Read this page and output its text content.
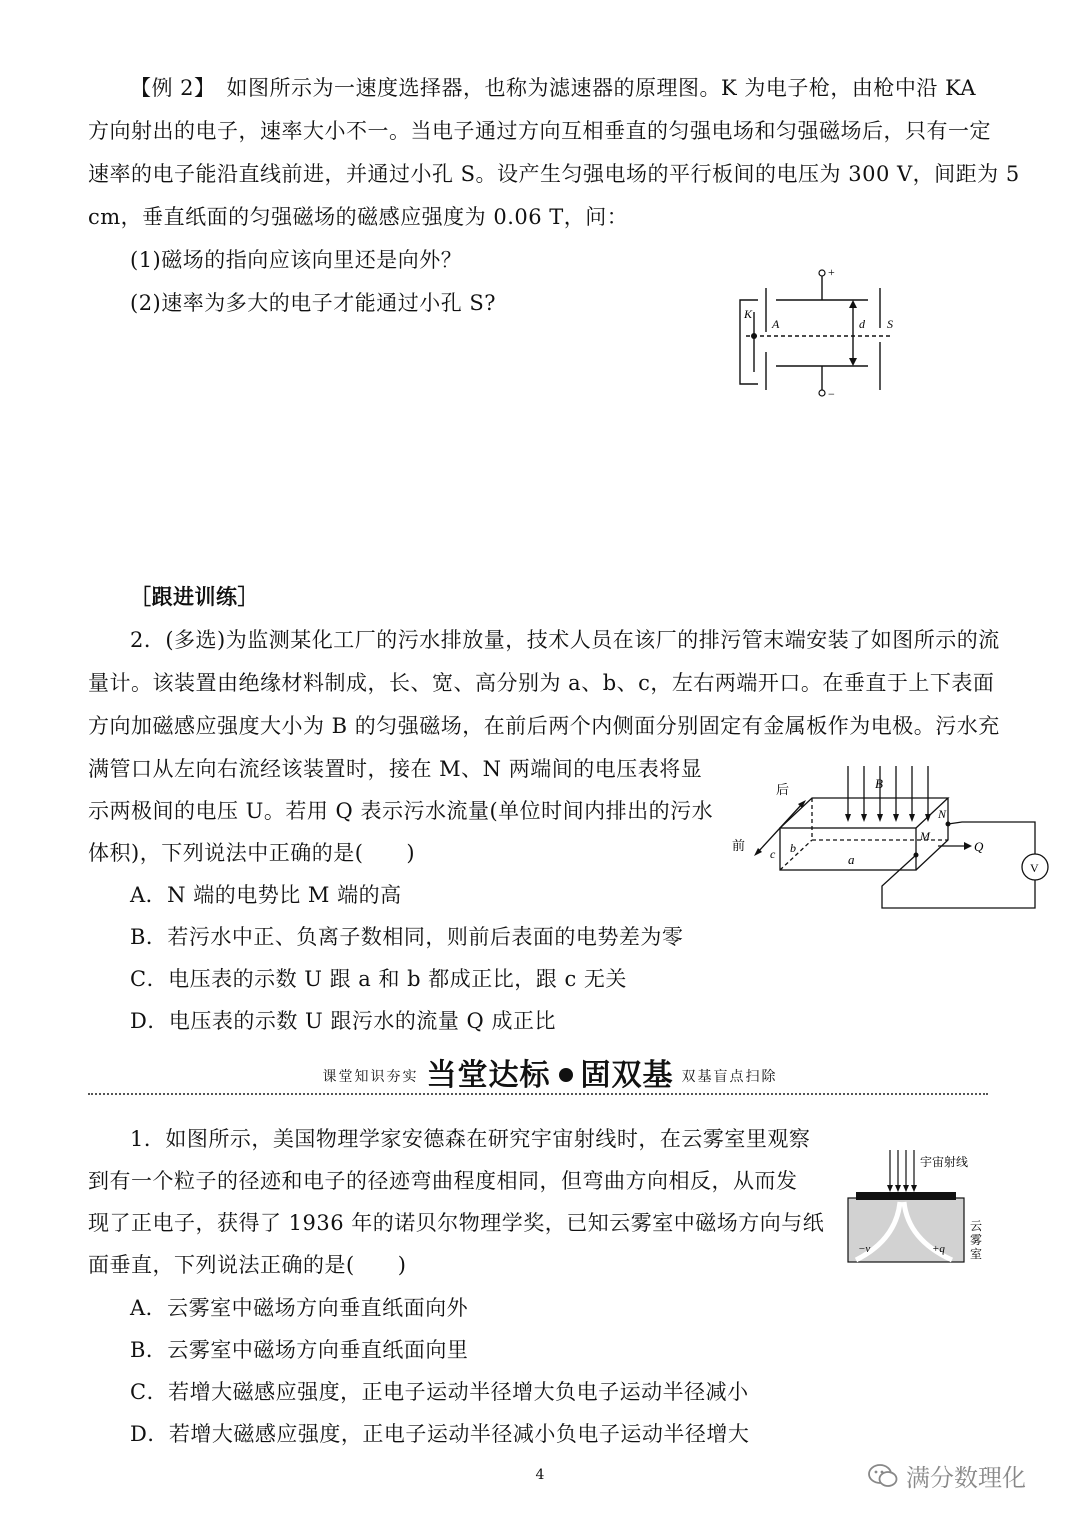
【例 2】　如图所示为一速度选择器，也称为滤速器的原理图。K 为电子枪，由枪中沿 KA
方向射出的电子，速率大小不一。当电子通过方向互相垂直的匀强电场和匀强磁场后，只有一定
速率的电子能沿直线前进，并通过小孔 S。设产生匀强电场的平行板间的电压为 300 V，间距为 5
cm，垂直纸面的匀强磁场的磁感应强度为 0.06 T，问：
(1)磁场的指向应该向里还是向外？
(2)速率为多大的电子才能通过小孔 S?
+
−
K
A	d S
［跟进训练］
2．(多选)为监测某化工厂的污水排放量，技术人员在该厂的排污管末端安装了如图所示的流
量计。该装置由绝缘材料制成，长、宽、高分别为 a、b、c，左右两端开口。在垂直于上下表面
方向加磁感应强度大小为 B 的匀强磁场，在前后两个内侧面分别固定有金属板作为电极。污水充
满管口从左向右流经该装置时，接在 M、N 两端间的电压表将显
示两极间的电压 U。若用 Q 表示污水流量(单位时间内排出的污水
体积)，下列说法中正确的是(　　)
A．N 端的电势比 M 端的高
B．若污水中正、负离子数相同，则前后表面的电势差为零
C．电压表的示数 U 跟 a 和 b 都成正比，跟 c 无关
D．电压表的示数 U 跟污水的流量 Q 成正比
V
后
前
B
N
M
Q
a
b
c
课堂知识夯实 当堂达标 固双基 双基盲点扫除
1．如图所示，美国物理学家安德森在研究宇宙射线时，在云雾室里观察
到有一个粒子的径迹和电子的径迹弯曲程度相同，但弯曲方向相反，从而发
现了正电子，获得了 1936 年的诺贝尔物理学奖，已知云雾室中磁场方向与纸
面垂直，下列说法正确的是(　　)
A．云雾室中磁场方向垂直纸面向外
B．云雾室中磁场方向垂直纸面向里
C．若增大磁感应强度，正电子运动半径增大负电子运动半径减小
D．若增大磁感应强度，正电子运动半径减小负电子运动半径增大
宇宙射线
云
雾
室
−v	+q
4	满分数理化
